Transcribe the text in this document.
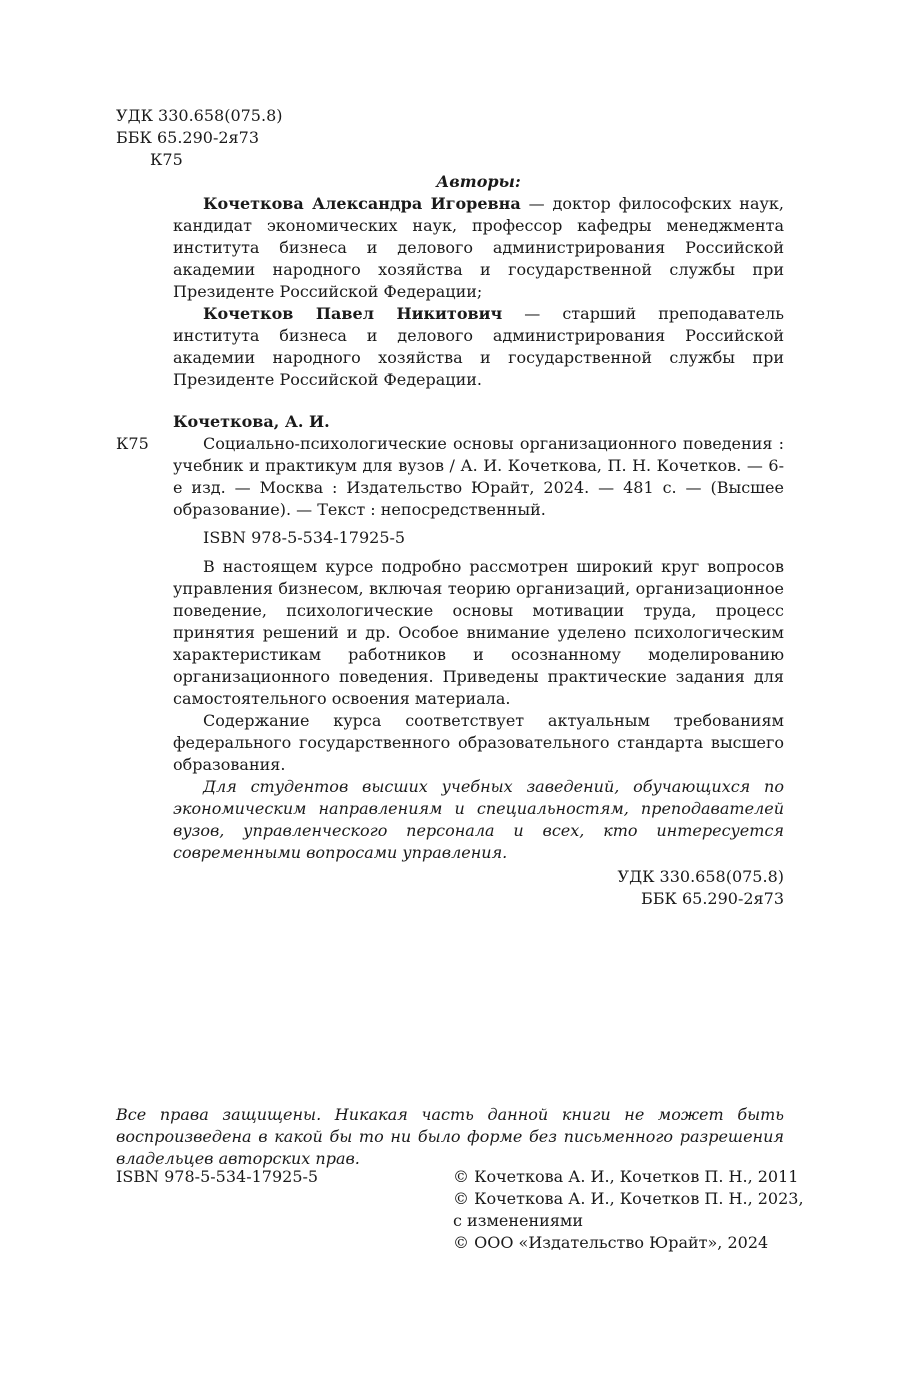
УДК 330.658(075.8)
ББК 65.290-2я73
К75
Авторы:

Кочеткова Александра Игоревна — доктор философских наук, кандидат экономических наук, профессор кафедры менеджмента института бизнеса и делового администрирования Российской академии народного хозяйства и государственной службы при Президенте Российской Федерации;

Кочетков Павел Никитович — старший преподаватель института бизнеса и делового администрирования Российской академии народного хозяйства и государственной службы при Президенте Российской Федерации.

Кочеткова, А. И.
К75	Социально-психологические основы организационного поведения : учебник и практикум для вузов / А. И. Кочеткова, П. Н. Кочетков. — 6-е изд. — Москва : Издательство Юрайт, 2024. — 481 с. — (Высшее образование). — Текст : непосредственный.
ISBN 978-5-534-17925-5

В настоящем курсе подробно рассмотрен широкий круг вопросов управления бизнесом, включая теорию организаций, организационное поведение, психологические основы мотивации труда, процесс принятия решений и др. Особое внимание уделено психологическим характеристикам работников и осознанному моделированию организационного поведения. Приведены практические задания для самостоятельного освоения материала.

Содержание курса соответствует актуальным требованиям федерального государственного образовательного стандарта высшего образования.

Для студентов высших учебных заведений, обучающихся по экономическим направлениям и специальностям, преподавателей вузов, управленческого персонала и всех, кто интересуется современными вопросами управления.

УДК 330.658(075.8)
ББК 65.290-2я73
Все права защищены. Никакая часть данной книги не может быть воспроизведена в какой бы то ни было форме без письменного разрешения владельцев авторских прав.
ISBN 978-5-534-17925-5	© Кочеткова А. И., Кочетков П. Н., 2011
© Кочеткова А. И., Кочетков П. Н., 2023,
с изменениями
© ООО «Издательство Юрайт», 2024
